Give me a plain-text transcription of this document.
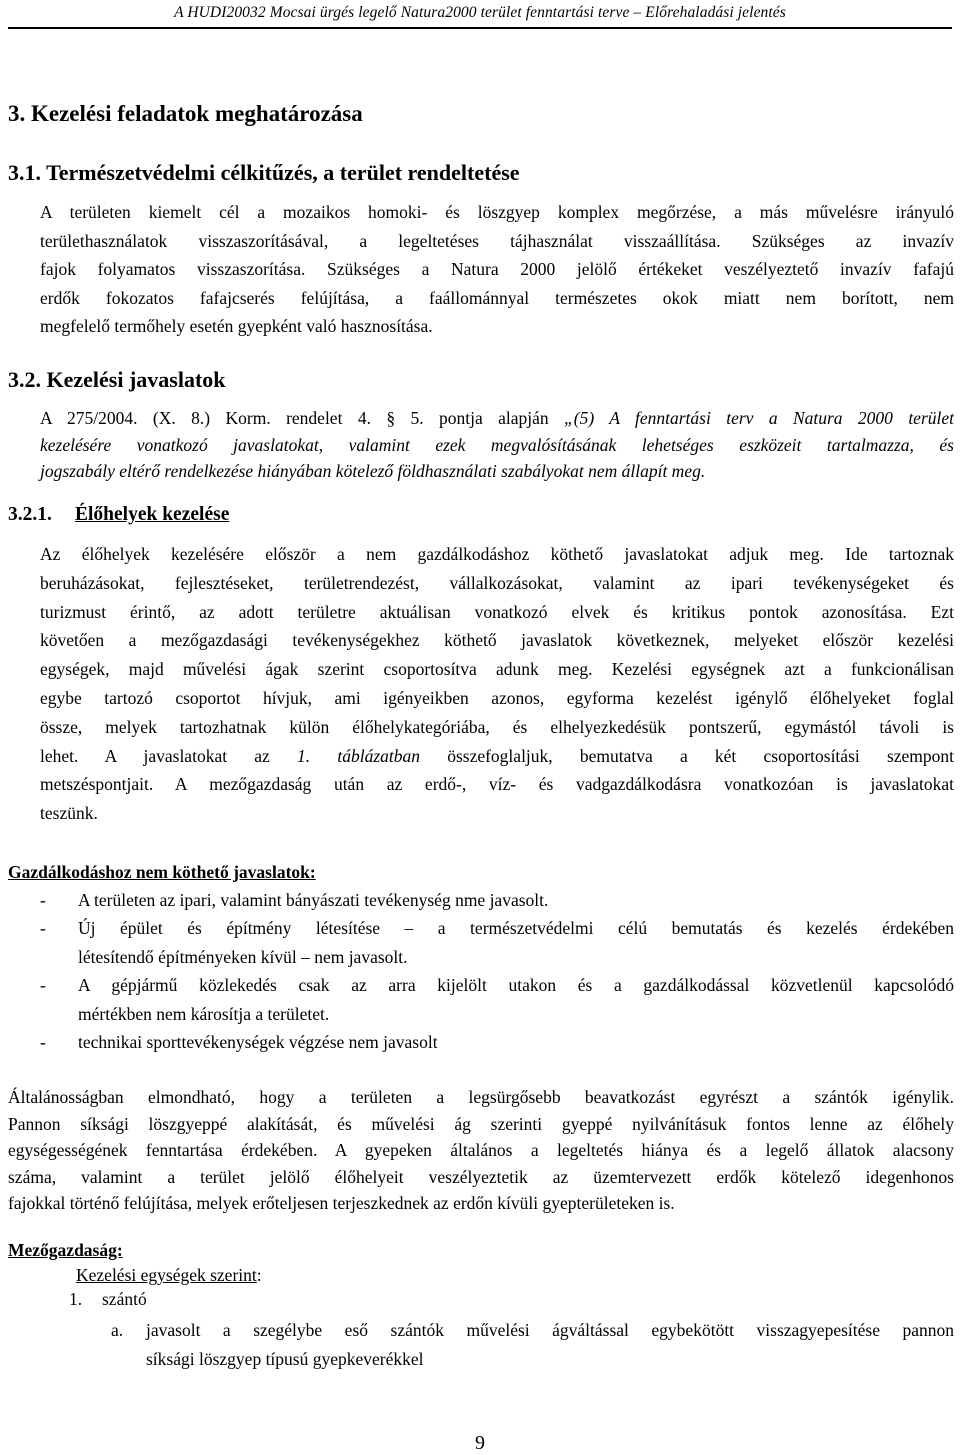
A HUDI20032 Mocsai ürgés legelő Natura2000 terület fenntartási terve – Előrehaladási jelentés
3. Kezelési feladatok meghatározása
3.1. Természetvédelmi célkitűzés, a terület rendeltetése
A területen kiemelt cél a mozaikos homoki- és löszgyep komplex megőrzése, a más művelésre irányuló
területhasználatok visszaszorításával, a legeltetéses tájhasználat visszaállítása. Szükséges az invazív
fajok folyamatos visszaszorítása. Szükséges a Natura 2000 jelölő értékeket veszélyeztető invazív fafajú
erdők fokozatos fafajcserés felújítása, a faállománnyal természetes okok miatt nem borított, nem
megfelelő termőhely esetén gyepként való hasznosítása.
3.2. Kezelési javaslatok
A 275/2004. (X. 8.) Korm. rendelet 4. § 5. pontja alapján „(5) A fenntartási terv a Natura 2000 terület
kezelésére vonatkozó javaslatokat, valamint ezek megvalósításának lehetséges eszközeit tartalmazza, és
jogszabály eltérő rendelkezése hiányában kötelező földhasználati szabályokat nem állapít meg.
3.2.1. Élőhelyek kezelése
Az élőhelyek kezelésére először a nem gazdálkodáshoz köthető javaslatokat adjuk meg. Ide tartoznak
beruházásokat, fejlesztéseket, területrendezést, vállalkozásokat, valamint az ipari tevékenységeket és
turizmust érintő, az adott területre aktuálisan vonatkozó elvek és kritikus pontok azonosítása. Ezt
követően a mezőgazdasági tevékenységekhez köthető javaslatok következnek, melyeket először kezelési
egységek, majd művelési ágak szerint csoportosítva adunk meg. Kezelési egységnek azt a funkcionálisan
egybe tartozó csoportot hívjuk, ami igényeikben azonos, egyforma kezelést igénylő élőhelyeket foglal
össze, melyek tartozhatnak külön élőhelykategóriába, és elhelyezkedésük pontszerű, egymástól távoli is
lehet. A javaslatokat az 1. táblázatban összefoglaljuk, bemutatva a két csoportosítási szempont
metszéspontjait. A mezőgazdaság után az erdő-, víz- és vadgazdálkodásra vonatkozóan is javaslatokat
teszünk.
Gazdálkodáshoz nem köthető javaslatok:
- A területen az ipari, valamint bányászati tevékenység nme javasolt.
- Új épület és építmény létesítése – a természetvédelmi célú bemutatás és kezelés érdekében
létesítendő építményeken kívül – nem javasolt.
- A gépjármű közlekedés csak az arra kijelölt utakon és a gazdálkodással közvetlenül kapcsolódó
mértékben nem károsítja a területet.
- technikai sporttevékenységek végzése nem javasolt
Általánosságban elmondható, hogy a területen a legsürgősebb beavatkozást egyrészt a szántók igénylik.
Pannon síksági löszgyeppé alakítását, és művelési ág szerinti gyeppé nyilvánításuk fontos lenne az élőhely
egységességének fenntartása érdekében. A gyepeken általános a legeltetés hiánya és a legelő állatok alacsony
száma, valamint a terület jelölő élőhelyeit veszélyeztetik az üzemtervezett erdők kötelező idegenhonos
fajokkal történő felújítása, melyek erőteljesen terjeszkednek az erdőn kívüli gyepterületeken is.
Mezőgazdaság:
Kezelési egységek szerint:
1. szántó
a. javasolt a szegélybe eső szántók művelési ágváltással egybekötött visszagyepesítése pannon
síksági löszgyep típusú gyepkeverékkel
9
